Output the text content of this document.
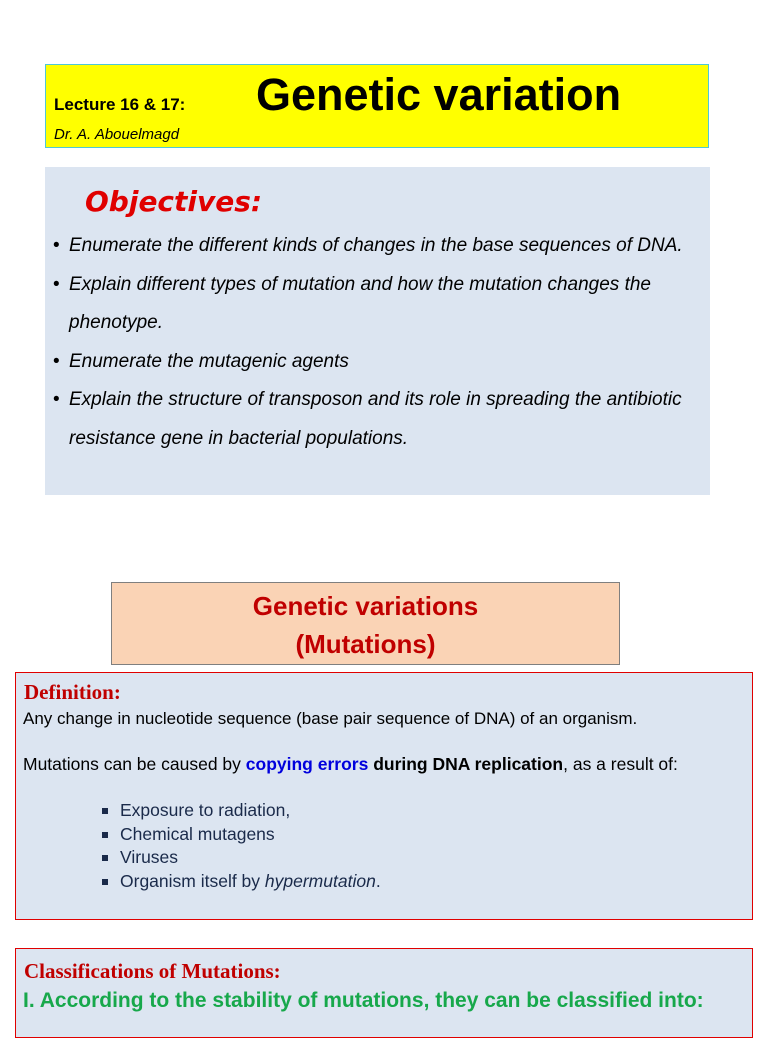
Lecture 16 & 17:
Dr. A. Abouelmagd
Genetic variation
Objectives:
• Enumerate the different kinds of changes in the base sequences of DNA.
• Explain different types of mutation and how the mutation changes the phenotype.
• Enumerate the mutagenic agents
• Explain the structure of transposon and its role in spreading the antibiotic resistance gene in bacterial populations.
Genetic variations
(Mutations)
Definition:
Any change in nucleotide sequence (base pair sequence of DNA) of an organism.
Mutations can be caused by copying errors during DNA replication, as a result of:
Exposure to radiation,
Chemical mutagens
Viruses
Organism itself by hypermutation.
Classifications of Mutations:
I. According to the stability of mutations, they can be classified into:
